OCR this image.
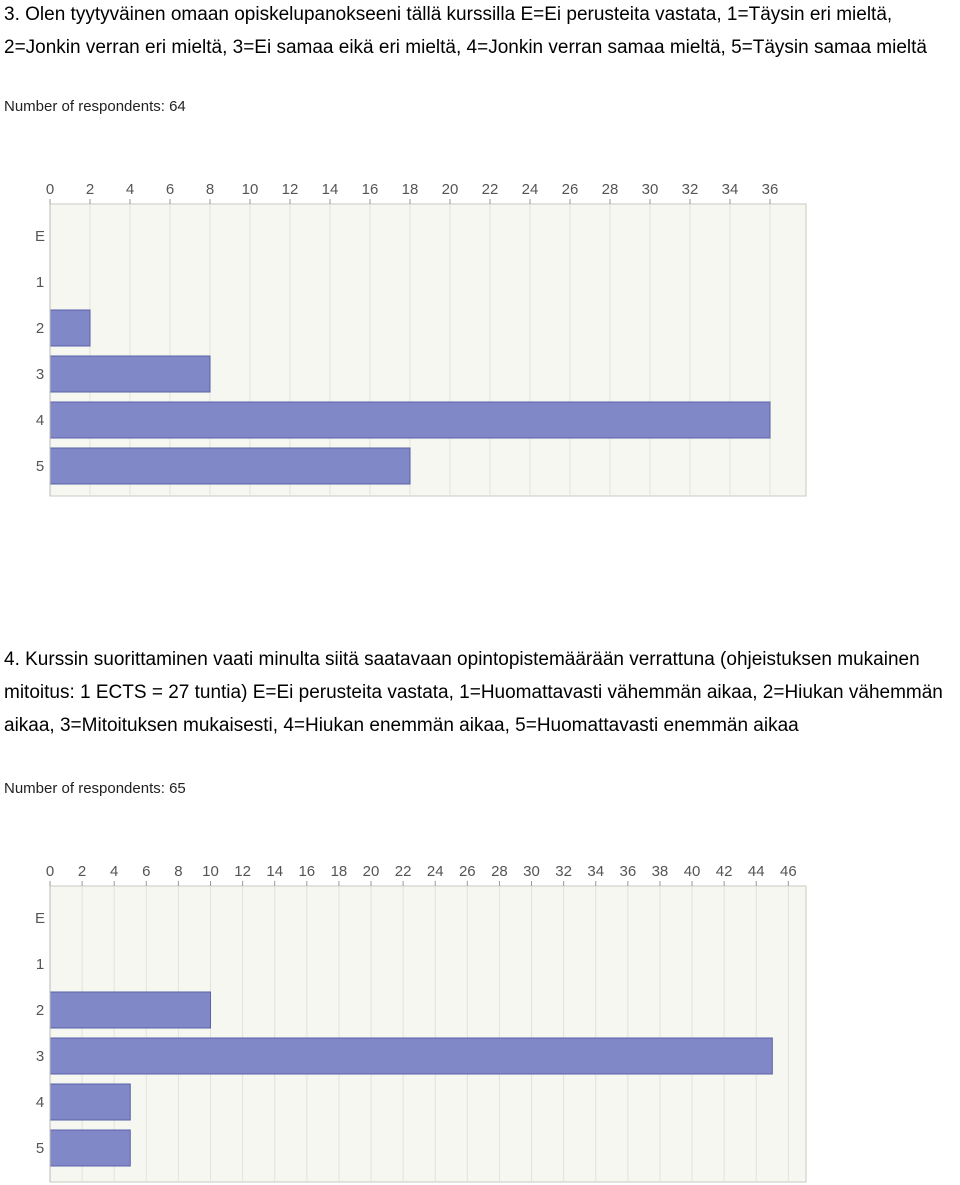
3. Olen tyytyväinen omaan opiskelupanokseeni tällä kurssilla E=Ei perusteita vastata, 1=Täysin eri mieltä, 2=Jonkin verran eri mieltä, 3=Ei samaa eikä eri mieltä, 4=Jonkin verran samaa mieltä, 5=Täysin samaa mieltä
Number of respondents: 64
0 2 4 6 8 10 12 14 16 18 20 22 24 26 28 30 32 34 36
E
1
2
3
4
5
4. Kurssin suorittaminen vaati minulta siitä saatavaan opintopistemäärään verrattuna (ohjeistuksen mukainen mitoitus: 1 ECTS = 27 tuntia) E=Ei perusteita vastata, 1=Huomattavasti vähemmän aikaa, 2=Hiukan vähemmän aikaa, 3=Mitoituksen mukaisesti, 4=Hiukan enemmän aikaa, 5=Huomattavasti enemmän aikaa
Number of respondents: 65
0 2 4 6 8 10 12 14 16 18 20 22 24 26 28 30 32 34 36 38 40 42 44 46
E
1
2
3
4
5
